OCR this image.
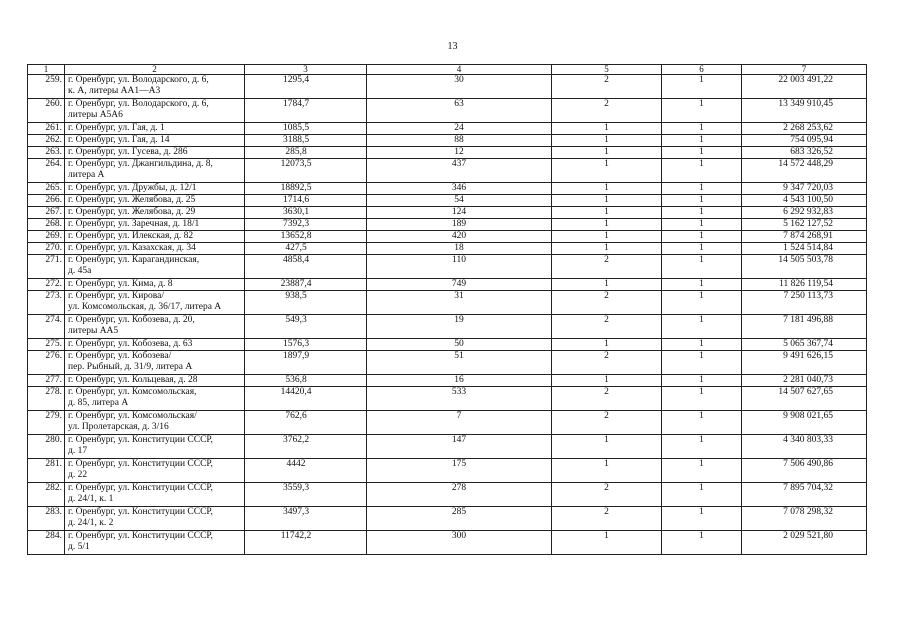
13
1	2	3	4	5	6	7
259.	г. Оренбург, ул. Володарского, д. 6,
к. А, литеры АА1—А3	1295,4	30	2	1	22 003 491,22
260.	г. Оренбург, ул. Володарского, д. 6,
литеры А5А6	1784,7	63	2	1	13 349 910,45
261.	г. Оренбург, ул. Гая, д. 1	1085,5	24	1	1	2 268 253,62
262.	г. Оренбург, ул. Гая, д. 14	3188,5	88	1	1	754 095,94
263.	г. Оренбург, ул. Гусева, д. 286	285,8	12	1	1	683 326,52
264.	г. Оренбург, ул. Джангильдина, д. 8,
литера А	12073,5	437	1	1	14 572 448,29
265.	г. Оренбург, ул. Дружбы, д. 12/1	18892,5	346	1	1	9 347 720,03
266.	г. Оренбург, ул. Желябова, д. 25	1714,6	54	1	1	4 543 100,50
267.	г. Оренбург, ул. Желябова, д. 29	3630,1	124	1	1	6 292 932,83
268.	г. Оренбург, ул. Заречная, д. 18/1	7392,3	189	1	1	5 162 127,52
269.	г. Оренбург, ул. Илекская, д. 82	13652,8	420	1	1	7 874 268,91
270.	г. Оренбург, ул. Казахская, д. 34	427,5	18	1	1	1 524 514,84
271.	г. Оренбург, ул. Карагандинская,
д. 45а	4858,4	110	2	1	14 505 503,78
272.	г. Оренбург, ул. Кима, д. 8	23887,4	749	1	1	11 826 119,54
273.	г. Оренбург, ул. Кирова/
ул. Комсомольская, д. 36/17, литера А	938,5	31	2	1	7 250 113,73
274.	г. Оренбург, ул. Кобозева, д. 20,
литеры АА5	549,3	19	2	1	7 181 496,88
275.	г. Оренбург, ул. Кобозева, д. 63	1576,3	50	1	1	5 065 367,74
276.	г. Оренбург, ул. Кобозева/
пер. Рыбный, д. 31/9, литера А	1897,9	51	2	1	9 491 626,15
277.	г. Оренбург, ул. Кольцевая, д. 28	536,8	16	1	1	2 281 040,73
278.	г. Оренбург, ул. Комсомольская,
д. 85, литера А	14420,4	533	2	1	14 507 627,65
279.	г. Оренбург, ул. Комсомольская/
ул. Пролетарская, д. 3/16	762,6	7	2	1	9 908 021,65
280.	г. Оренбург, ул. Конституции СССР,
д. 17	3762,2	147	1	1	4 340 803,33
281.	г. Оренбург, ул. Конституции СССР,
д. 22	4442	175	1	1	7 506 490,86
282.	г. Оренбург, ул. Конституции СССР,
д. 24/1, к. 1	3559,3	278	2	1	7 895 704,32
283.	г. Оренбург, ул. Конституции СССР,
д. 24/1, к. 2	3497,3	285	2	1	7 078 298,32
284.	г. Оренбург, ул. Конституции СССР,
д. 5/1	11742,2	300	1	1	2 029 521,80
